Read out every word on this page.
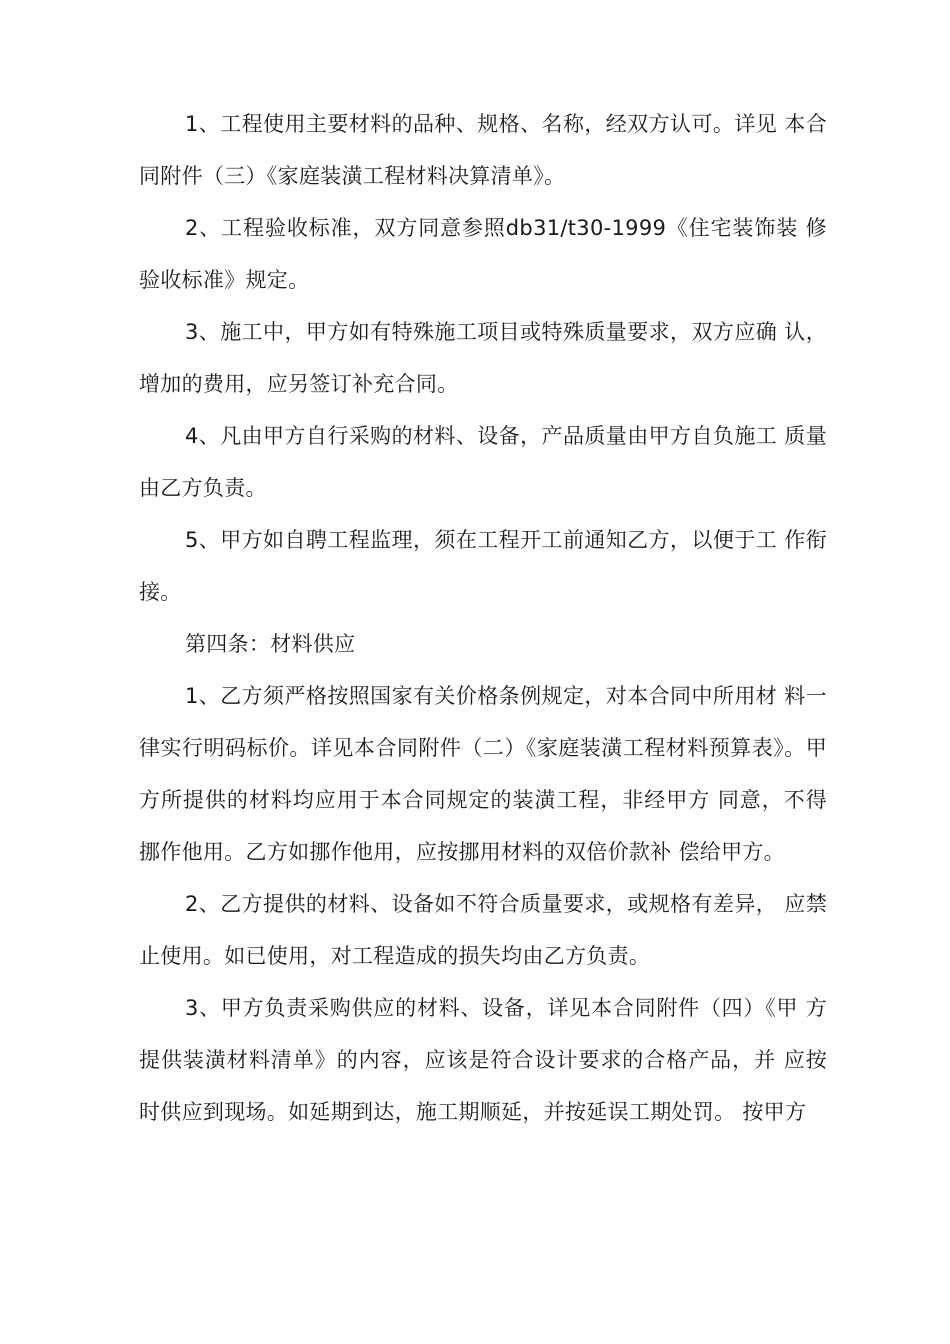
1、工程使用主要材料的品种、规格、名称，经双方认可。详见 本合同附件（三）《家庭装潢工程材料决算清单》。

2、工程验收标准，双方同意参照db31/t30-1999《住宅装饰装 修验收标准》规定。

3、施工中，甲方如有特殊施工项目或特殊质量要求，双方应确 认，增加的费用，应另签订补充合同。

4、凡由甲方自行采购的材料、设备，产品质量由甲方自负施工 质量由乙方负责。

5、甲方如自聘工程监理，须在工程开工前通知乙方，以便于工 作衔接。

第四条：材料供应

1、乙方须严格按照国家有关价格条例规定，对本合同中所用材 料一律实行明码标价。详见本合同附件（二）《家庭装潢工程材料预算表》。甲方所提供的材料均应用于本合同规定的装潢工程，非经甲方 同意，不得挪作他用。乙方如挪作他用，应按挪用材料的双倍价款补 偿给甲方。

2、乙方提供的材料、设备如不符合质量要求，或规格有差异， 应禁止使用。如已使用，对工程造成的损失均由乙方负责。

3、甲方负责采购供应的材料、设备，详见本合同附件（四）《甲 方提供装潢材料清单》的内容，应该是符合设计要求的合格产品，并 应按时供应到现场。如延期到达，施工期顺延，并按延误工期处罚。 按甲方
